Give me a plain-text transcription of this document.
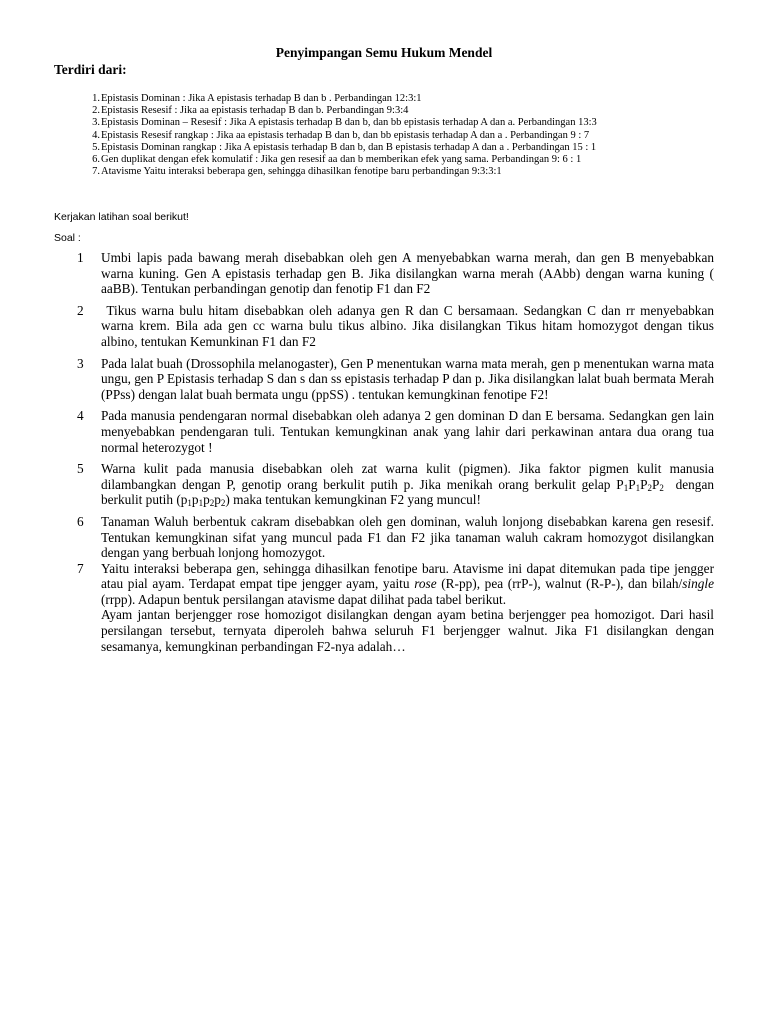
Penyimpangan Semu Hukum Mendel
Terdiri dari:
1. Epistasis Dominan : Jika A epistasis terhadap B dan b . Perbandingan 12:3:1
2. Epistasis Resesif : Jika aa epistasis terhadap B dan b. Perbandingan 9:3:4
3. Epistasis Dominan – Resesif : Jika A epistasis terhadap B dan b, dan bb epistasis terhadap A dan a. Perbandingan 13:3
4. Epistasis Resesif rangkap : Jika aa epistasis terhadap B dan b, dan bb epistasis terhadap A dan a . Perbandingan 9 : 7
5. Epistasis Dominan rangkap : Jika A epistasis terhadap B dan b, dan B epistasis terhadap A dan a . Perbandingan 15 : 1
6. Gen duplikat dengan efek komulatif : Jika gen resesif aa dan b memberikan efek yang sama. Perbandingan 9: 6 : 1
7. Atavisme Yaitu interaksi beberapa gen, sehingga dihasilkan fenotipe baru perbandingan 9:3:3:1
Kerjakan latihan soal berikut!
Soal :
1	Umbi lapis pada bawang merah disebabkan oleh gen A menyebabkan warna merah, dan gen B menyebabkan warna kuning. Gen A epistasis terhadap gen B. Jika disilangkan warna merah (AAbb) dengan warna kuning ( aaBB). Tentukan perbandingan genotip dan fenotip F1 dan F2
2	Tikus warna bulu hitam disebabkan oleh adanya gen R dan C bersamaan. Sedangkan C dan rr menyebabkan warna krem. Bila ada gen cc warna bulu tikus albino. Jika disilangkan Tikus hitam homozygot dengan tikus albino, tentukan Kemunkinan F1 dan F2
3	Pada lalat buah (Drossophila melanogaster), Gen P menentukan warna mata merah, gen p menentukan warna mata ungu, gen P Epistasis terhadap S dan s dan ss epistasis terhadap P dan p. Jika disilangkan lalat buah bermata Merah (PPss) dengan lalat buah bermata ungu (ppSS) . tentukan kemungkinan fenotipe F2!
4	Pada manusia pendengaran normal disebabkan oleh adanya 2 gen dominan D dan E bersama. Sedangkan gen lain menyebabkan pendengaran tuli. Tentukan kemungkinan anak yang lahir dari perkawinan antara dua orang tua normal heterozygot !
5	Warna kulit pada manusia disebabkan oleh zat warna kulit (pigmen). Jika faktor pigmen kulit manusia dilambangkan dengan P, genotip orang berkulit putih p. Jika menikah orang berkulit gelap $P_1P_1P_2P_2$  dengan berkulit putih $(p_1p_1p_2p_2)$ maka tentukan kemungkinan F2 yang muncul!
6	Tanaman Waluh berbentuk cakram disebabkan oleh gen dominan, waluh lonjong disebabkan karena gen resesif. Tentukan kemungkinan sifat yang muncul pada F1 dan F2 jika tanaman waluh cakram homozygot disilangkan dengan yang berbuah lonjong homozygot.
7	Yaitu interaksi beberapa gen, sehingga dihasilkan fenotipe baru. Atavisme ini dapat ditemukan pada tipe jengger atau pial ayam. Terdapat empat tipe jengger ayam, yaitu rose (R-pp), pea (rrP-), walnut (R-P-), dan bilah/single (rrpp). Adapun bentuk persilangan atavisme dapat dilihat pada tabel berikut.

Ayam jantan berjengger rose homozigot disilangkan dengan ayam betina berjengger pea homozigot. Dari hasil persilangan tersebut, ternyata diperoleh bahwa seluruh F1 berjengger walnut. Jika F1 disilangkan dengan sesamanya, kemungkinan perbandingan F2-nya adalah…
